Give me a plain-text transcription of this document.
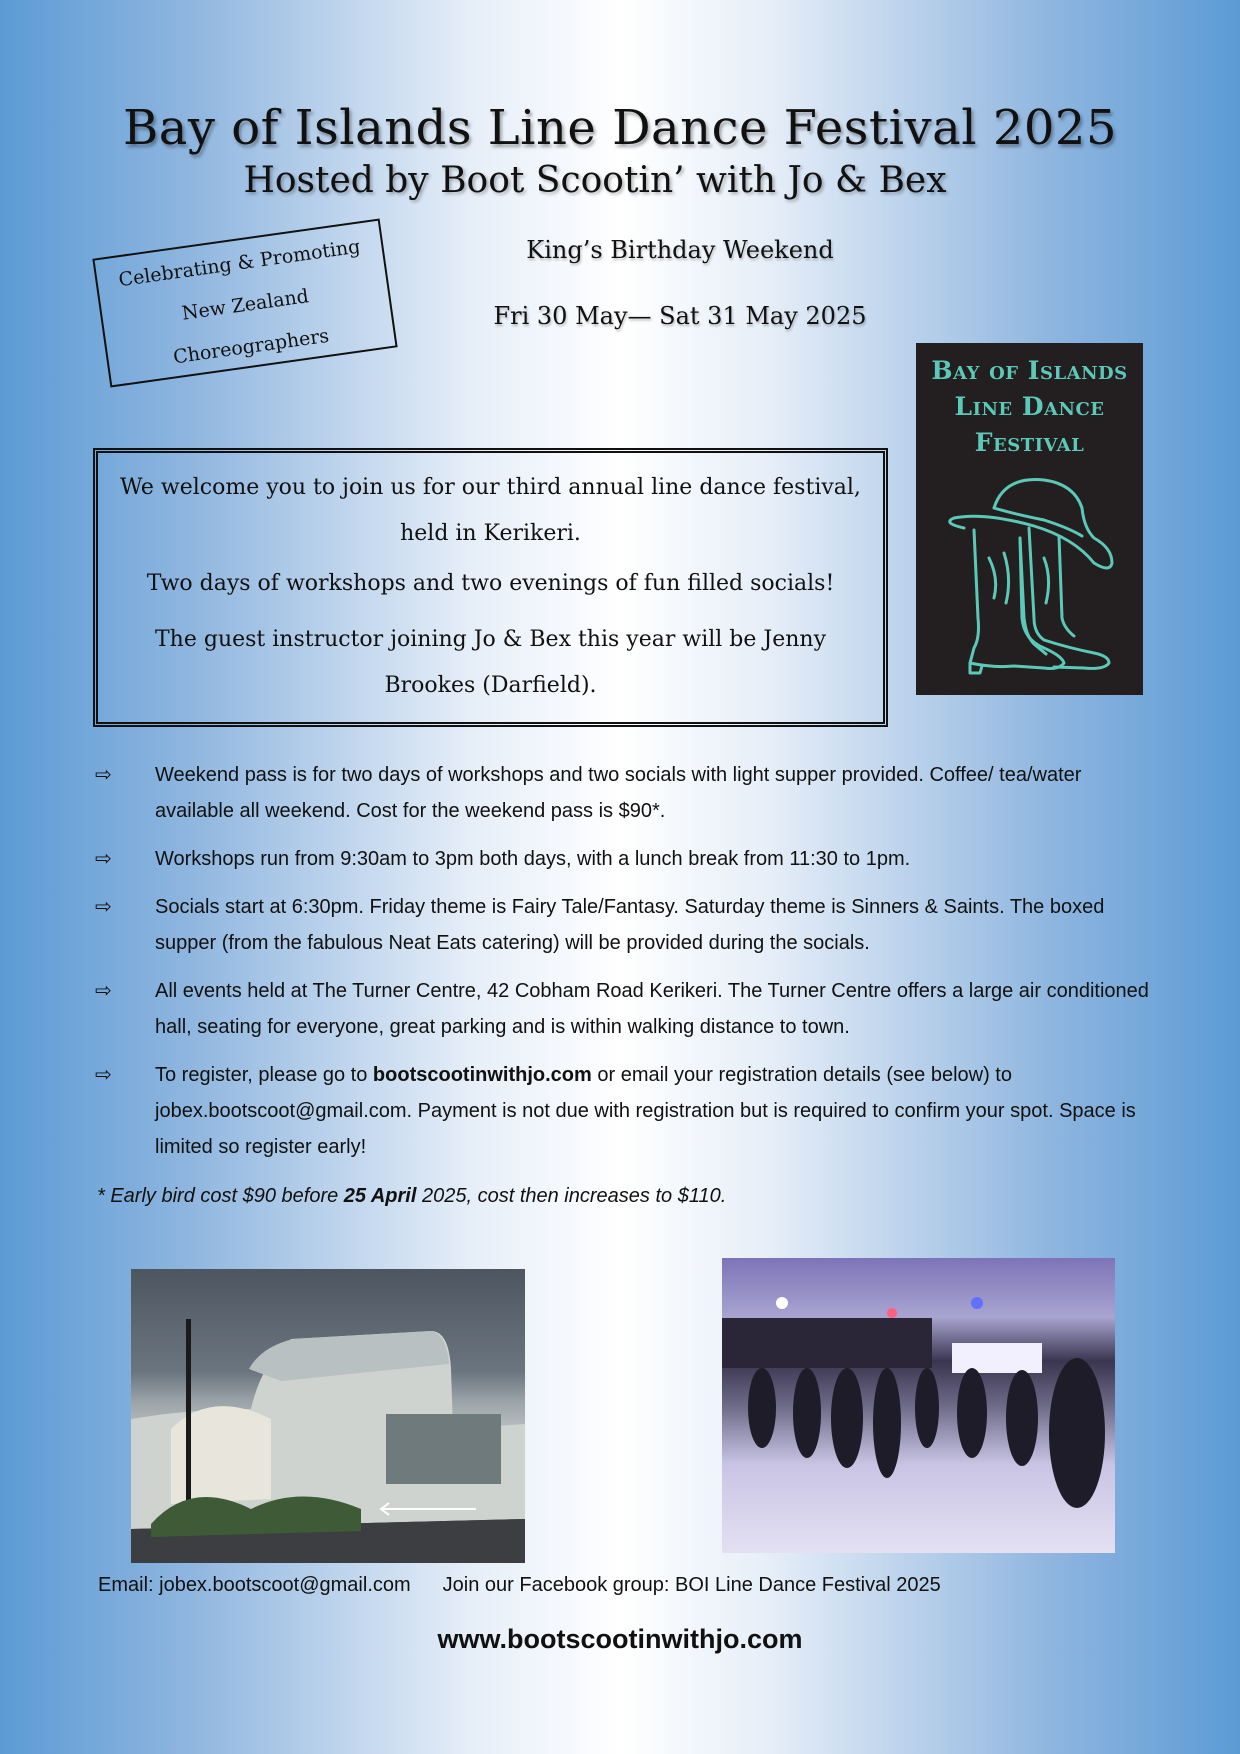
Bay of Islands Line Dance Festival 2025
Hosted by Boot Scootin’ with Jo & Bex
Celebrating & Promoting
New Zealand
Choreographers
King’s Birthday Weekend
Fri 30 May— Sat 31 May 2025
Bay of Islands
Line Dance
Festival

We welcome you to join us for our third annual line dance festival, held in Kerikeri.

Two days of workshops and two evenings of fun filled socials!

The guest instructor joining Jo & Bex this year will be Jenny Brookes (Darfield).

⇨	Weekend pass is for two days of workshops and two socials with light supper provided. Coffee/ tea/water available all weekend. Cost for the weekend pass is $90*.
⇨	Workshops run from 9:30am to 3pm both days, with a lunch break from 11:30 to 1pm.
⇨	Socials start at 6:30pm. Friday theme is Fairy Tale/Fantasy. Saturday theme is Sinners & Saints. The boxed supper (from the fabulous Neat Eats catering) will be provided during the socials.
⇨	All events held at The Turner Centre, 42 Cobham Road Kerikeri. The Turner Centre offers a large air conditioned hall, seating for everyone, great parking and is within walking distance to town.
⇨	To register, please go to bootscootinwithjo.com or email your registration details (see below) to jobex.bootscoot@gmail.com. Payment is not due with registration but is required to confirm your spot. Space is limited so register early!
* Early bird cost $90 before 25 April 2025, cost then increases to $110.
Email: jobex.bootscoot@gmail.com Join our Facebook group: BOI Line Dance Festival 2025
www.bootscootinwithjo.com
